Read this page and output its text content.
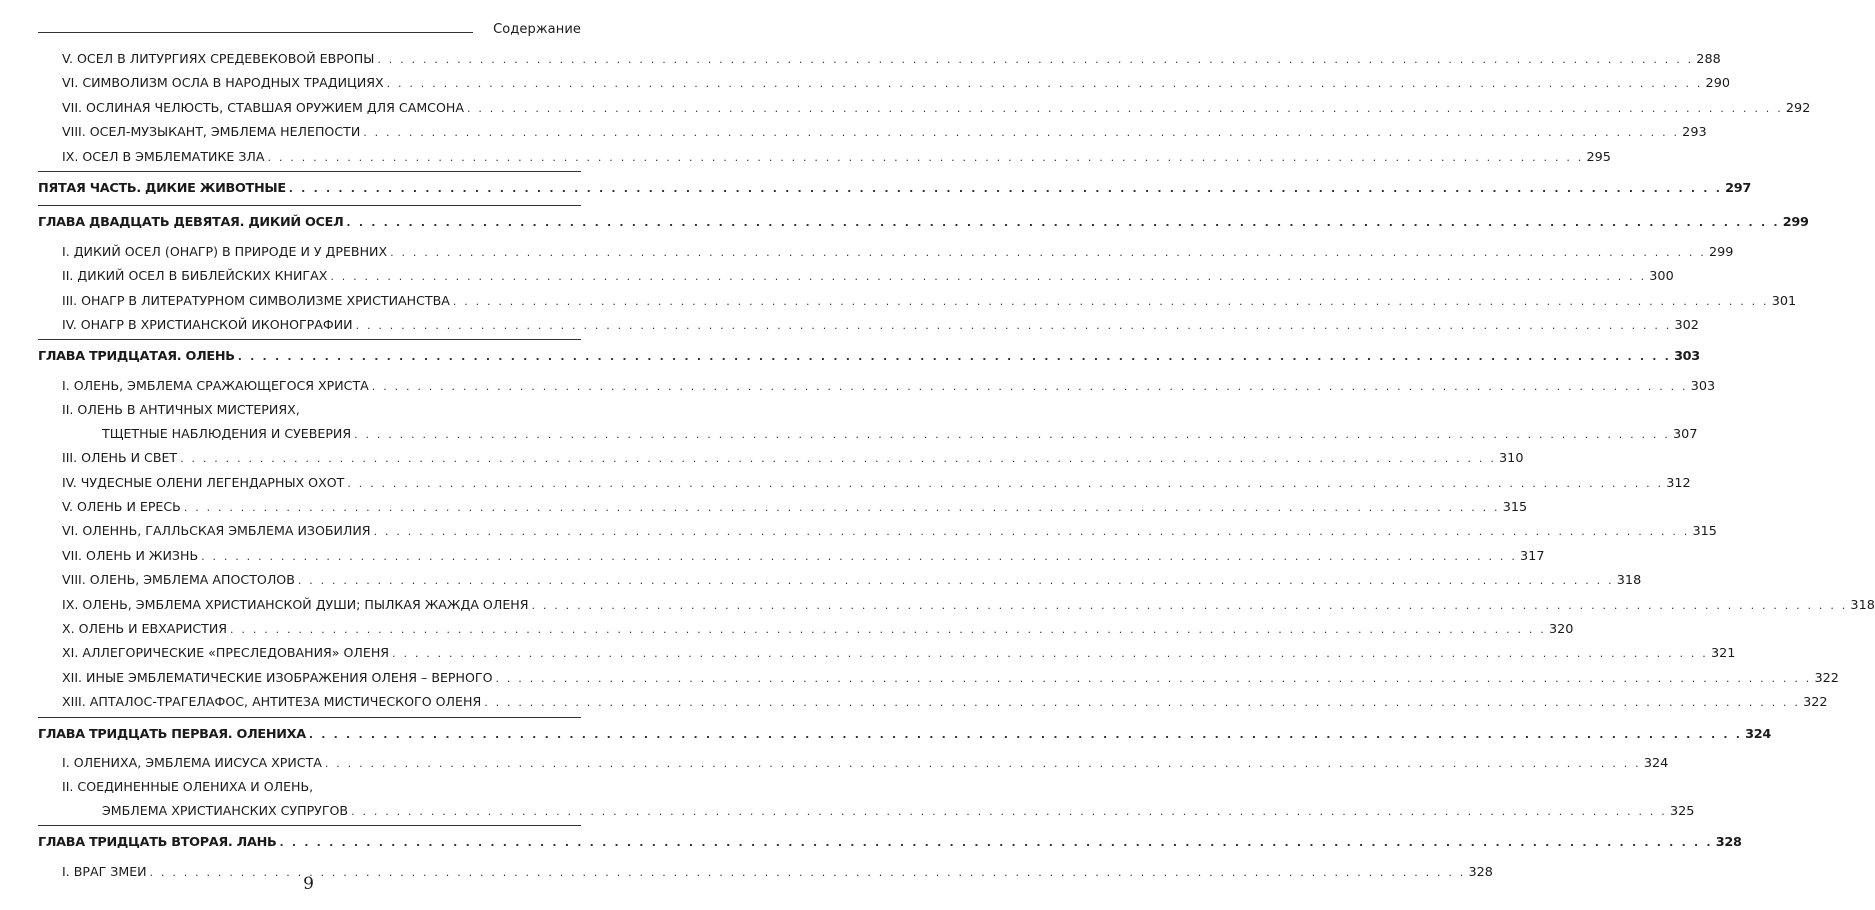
Содержание
V. ОСЕЛ В ЛИТУРГИЯХ СРЕДЕВЕКОВОЙ ЕВРОПЫ . . .	288
VI. СИМВОЛИЗМ ОСЛА В НАРОДНЫХ ТРАДИЦИЯХ . . .	290
VII. ОСЛИНАЯ ЧЕЛЮСТЬ, СТАВШАЯ ОРУЖИЕМ ДЛЯ САМСОНА . . .	292
VIII. ОСЕЛ-МУЗЫКАНТ, ЭМБЛЕМА НЕЛЕПОСТИ . . .	293
IX. ОСЕЛ В ЭМБЛЕМАТИКЕ ЗЛА . . .	295
ПЯТАЯ ЧАСТЬ. ДИКИЕ ЖИВОТНЫЕ . . .	297
ГЛАВА ДВАДЦАТЬ ДЕВЯТАЯ. ДИКИЙ ОСЕЛ . . .	299
I. ДИКИЙ ОСЕЛ (ОНАГР) В ПРИРОДЕ И У ДРЕВНИХ . . .	299
II. ДИКИЙ ОСЕЛ В БИБЛЕЙСКИХ КНИГАХ . . .	300
III. ОНАГР В ЛИТЕРАТУРНОМ СИМВОЛИЗМЕ ХРИСТИАНСТВА . . .	301
IV. ОНАГР В ХРИСТИАНСКОЙ ИКОНОГРАФИИ . . .	302
ГЛАВА ТРИДЦАТАЯ. ОЛЕНЬ . . .	303
I. ОЛЕНЬ, ЭМБЛЕМА СРАЖАЮЩЕГОСЯ ХРИСТА . . .	303
II. ОЛЕНЬ В АНТИЧНЫХ МИСТЕРИЯХ,
ТЩЕТНЫЕ НАБЛЮДЕНИЯ И СУЕВЕРИЯ . . .	307
III. ОЛЕНЬ И СВЕТ . . .	310
IV. ЧУДЕСНЫЕ ОЛЕНИ ЛЕГЕНДАРНЫХ ОХОТ . . .	312
V. ОЛЕНЬ И ЕРЕСЬ . . .	315
VI. ОЛЕННЬ, ГАЛЛЬСКАЯ ЭМБЛЕМА ИЗОБИЛИЯ . . .	315
VII. ОЛЕНЬ И ЖИЗНЬ . . .	317
VIII. ОЛЕНЬ, ЭМБЛЕМА АПОСТОЛОВ . . .	318
IX. ОЛЕНЬ, ЭМБЛЕМА ХРИСТИАНСКОЙ ДУШИ; ПЫЛКАЯ ЖАЖДА ОЛЕНЯ . . .	318
X. ОЛЕНЬ И ЕВХАРИСТИЯ . . .	320
XI. АЛЛЕГОРИЧЕСКИЕ «ПРЕСЛЕДОВАНИЯ» ОЛЕНЯ . . .	321
XII. ИНЫЕ ЭМБЛЕМАТИЧЕСКИЕ ИЗОБРАЖЕНИЯ ОЛЕНЯ – ВЕРНОГО . . .	322
XIII. АПТАЛОС-ТРАГЕЛАФОС, АНТИТЕЗА МИСТИЧЕСКОГО ОЛЕНЯ . . .	322
ГЛАВА ТРИДЦАТЬ ПЕРВАЯ. ОЛЕНИХА . . .	324
I. ОЛЕНИХА, ЭМБЛЕМА ИИСУСА ХРИСТА . . .	324
II. СОЕДИНЕННЫЕ ОЛЕНИХА И ОЛЕНЬ,
ЭМБЛЕМА ХРИСТИАНСКИХ СУПРУГОВ . . .	325
ГЛАВА ТРИДЦАТЬ ВТОРАЯ. ЛАНЬ . . .	328
I. ВРАГ ЗМЕИ . . .	328
9
